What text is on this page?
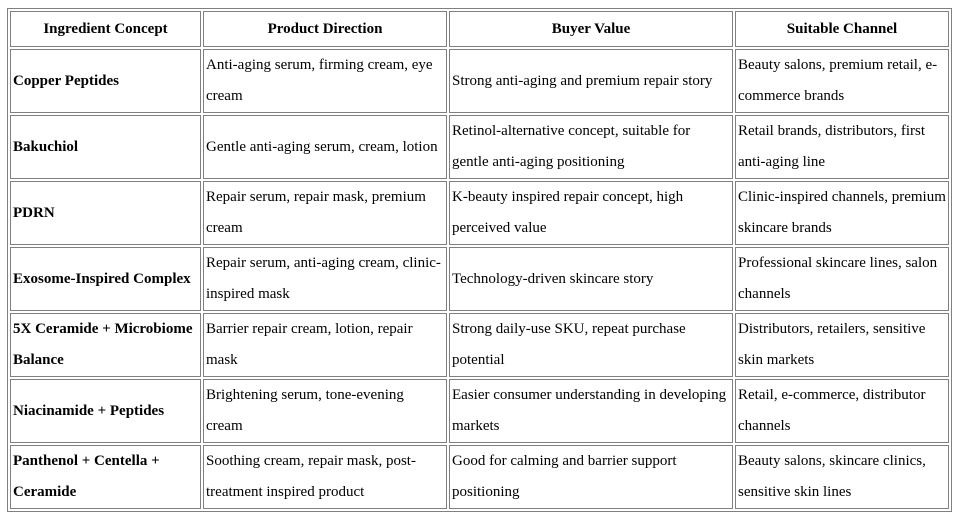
Ingredient Concept	Product Direction	Buyer Value	Suitable Channel
Copper Peptides	Anti-aging serum, firming cream, eye cream	Strong anti-aging and premium repair story	Beauty salons, premium retail, e-commerce brands
Bakuchiol	Gentle anti-aging serum, cream, lotion	Retinol-alternative concept, suitable for gentle anti-aging positioning	Retail brands, distributors, first anti-aging line
PDRN	Repair serum, repair mask, premium cream	K-beauty inspired repair concept, high perceived value	Clinic-inspired channels, premium skincare brands
Exosome-Inspired Complex	Repair serum, anti-aging cream, clinic-inspired mask	Technology-driven skincare story	Professional skincare lines, salon channels
5X Ceramide + Microbiome Balance	Barrier repair cream, lotion, repair mask	Strong daily-use SKU, repeat purchase potential	Distributors, retailers, sensitive skin markets
Niacinamide + Peptides	Brightening serum, tone-evening cream	Easier consumer understanding in developing markets	Retail, e-commerce, distributor channels
Panthenol + Centella + Ceramide	Soothing cream, repair mask, post-treatment inspired product	Good for calming and barrier support positioning	Beauty salons, skincare clinics, sensitive skin lines
